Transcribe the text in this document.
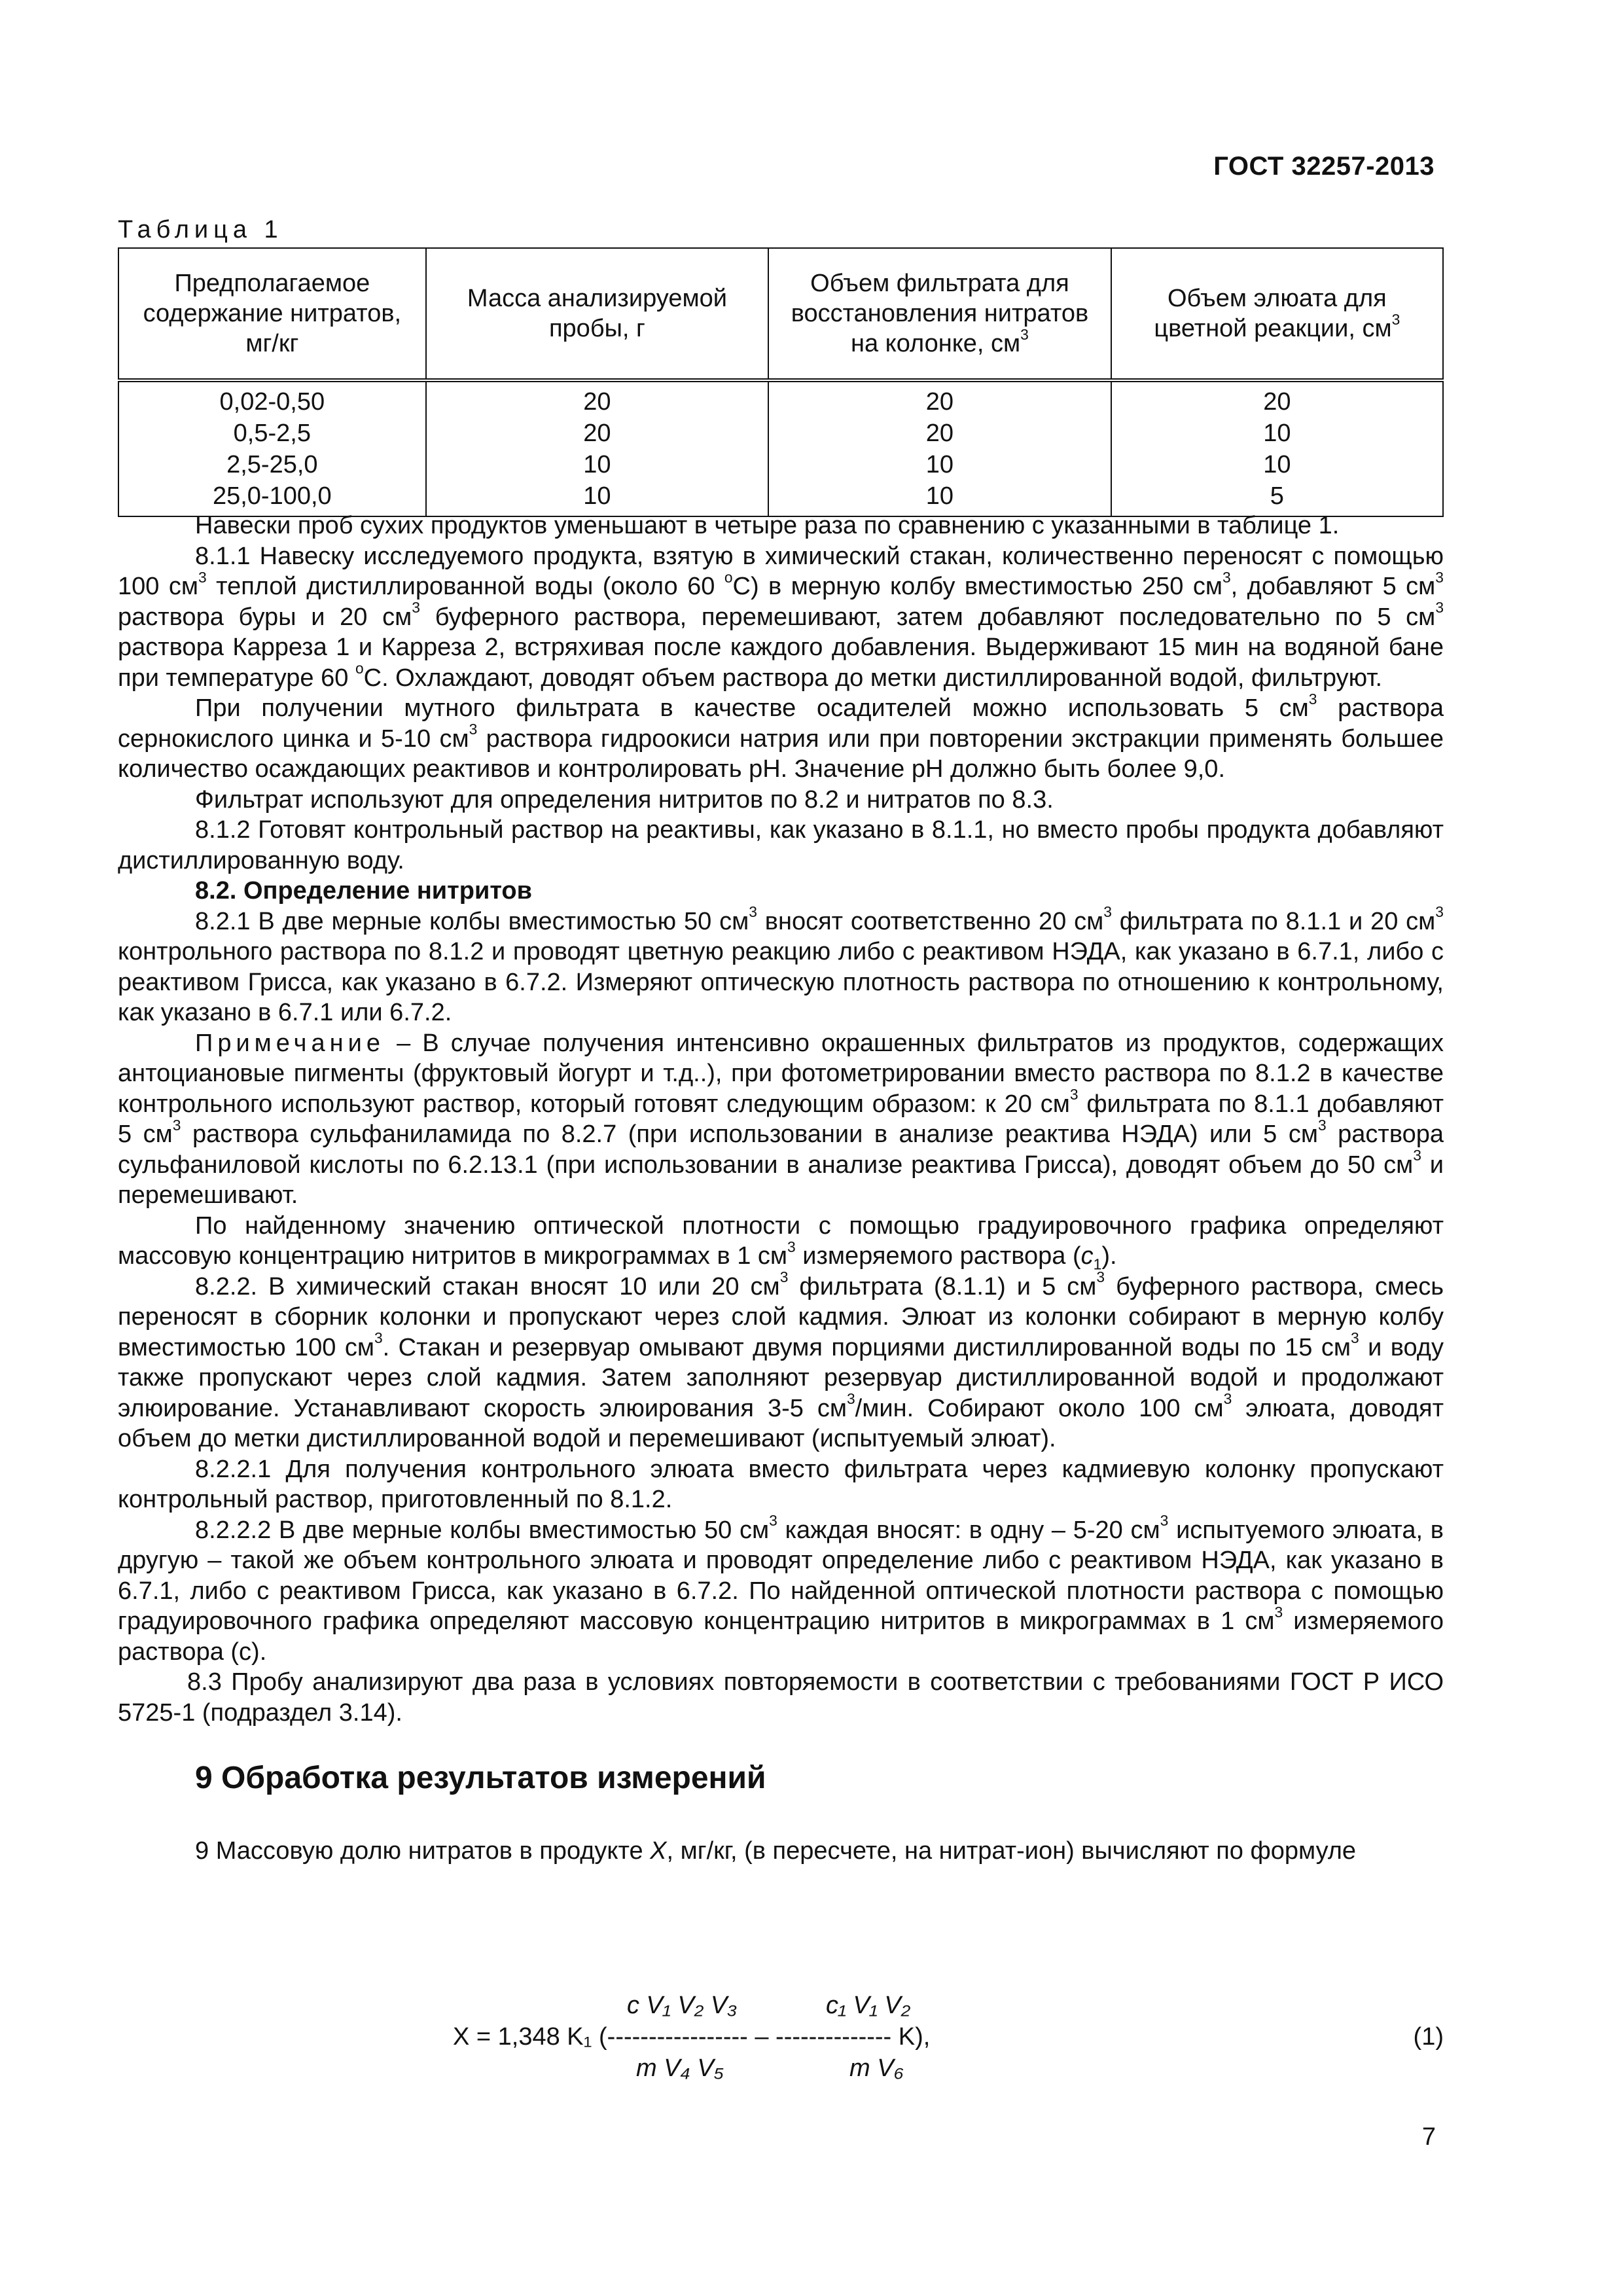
ГОСТ 32257-2013
Таблица 1
Предполагаемое содержание нитратов, мг/кг	Масса анализируемой пробы, г	Объем фильтрата для восстановления нитратов на колонке, $см^3$	Объем элюата для цветной реакции, $см^3$
0,02-0,50	20	20	20
0,5-2,5	20	20	10
2,5-25,0	10	10	10
25,0-100,0	10	10	5

Навески проб сухих продуктов уменьшают в четыре раза по сравнению с указанными в таблице 1.

8.1.1 Навеску исследуемого продукта, взятую в химический стакан, количественно переносят с помощью 100 $см^3$ теплой дистиллированной воды (около 60 $^o$С) в мерную колбу вместимостью 250 $см^3$, добавляют 5 $см^3$ раствора буры и 20 $см^3$ буферного раствора, перемешивают, затем добавляют последовательно по 5 $см^3$ раствора Карреза 1 и Карреза 2, встряхивая после каждого добавления. Выдерживают 15 мин на водяной бане при температуре 60 $^o$С. Охлаждают, доводят объем раствора до метки дистиллированной водой, фильтруют.

При получении мутного фильтрата в качестве осадителей можно использовать 5 $см^3$ раствора сернокислого цинка и 5-10 $см^3$ раствора гидроокиси натрия или при повторении экстракции применять большее количество осаждающих реактивов и контролировать pH. Значение pH должно быть более 9,0.

Фильтрат используют для определения нитритов по 8.2 и нитратов по 8.3.

8.1.2 Готовят контрольный раствор на реактивы, как указано в 8.1.1, но вместо пробы продукта добавляют дистиллированную воду.

8.2. Определение нитритов

8.2.1 В две мерные колбы вместимостью 50 $см^3$ вносят соответственно 20 $см^3$ фильтрата по 8.1.1 и 20 $см^3$ контрольного раствора по 8.1.2 и проводят цветную реакцию либо с реактивом НЭДА, как указано в 6.7.1, либо с реактивом Грисса, как указано в 6.7.2. Измеряют оптическую плотность раствора по отношению к контрольному, как указано в 6.7.1 или 6.7.2.

Примечание – В случае получения интенсивно окрашенных фильтратов из продуктов, содержащих антоциановые пигменты (фруктовый йогурт и т.д..), при фотометрировании вместо раствора по 8.1.2 в качестве контрольного используют раствор, который готовят следующим образом: к 20 $см^3$ фильтрата по 8.1.1 добавляют 5 $см^3$ раствора сульфаниламида по 8.2.7 (при использовании в анализе реактива НЭДА) или 5 $см^3$ раствора сульфаниловой кислоты по 6.2.13.1 (при использовании в анализе реактива Грисса), доводят объем до 50 $см^3$ и перемешивают.

По найденному значению оптической плотности с помощью градуировочного графика определяют массовую концентрацию нитритов в микрограммах в 1 $см^3$ измеряемого раствора $(c_1)$.

8.2.2. В химический стакан вносят 10 или 20 $см^3$ фильтрата (8.1.1) и 5 $см^3$ буферного раствора, смесь переносят в сборник колонки и пропускают через слой кадмия. Элюат из колонки собирают в мерную колбу вместимостью 100 $см^3$. Стакан и резервуар омывают двумя порциями дистиллированной воды по 15 $см^3$ и воду также пропускают через слой кадмия. Затем заполняют резервуар дистиллированной водой и продолжают элюирование. Устанавливают скорость элюирования 3-5 $см^3$/мин. Собирают около 100 $см^3$ элюата, доводят объем до метки дистиллированной водой и перемешивают (испытуемый элюат).

8.2.2.1 Для получения контрольного элюата вместо фильтрата через кадмиевую колонку пропускают контрольный раствор, приготовленный по 8.1.2.

8.2.2.2 В две мерные колбы вместимостью 50 $см^3$ каждая вносят: в одну – 5-20 $см^3$ испытуемого элюата, в другую – такой же объем контрольного элюата и проводят определение либо с реактивом НЭДА, как указано в 6.7.1, либо с реактивом Грисса, как указано в 6.7.2. По найденной оптической плотности раствора с помощью градуировочного графика определяют массовую концентрацию нитритов в микрограммах в 1 $см^3$ измеряемого раствора (с).

8.3 Пробу анализируют два раза в условиях повторяемости в соответствии с требованиями ГОСТ Р ИСО 5725-1 (подраздел 3.14).

9 Обработка результатов измерений

9 Массовую долю нитратов в продукте X, мг/кг, (в пересчете, на нитрат-ион) вычисляют по формуле

c V₁ V₂ V₃	c₁ V₁ V₂
X = 1,348 K₁ (----------------- – -------------- K),
m V₄ V₅	m V₆
(1)
7
